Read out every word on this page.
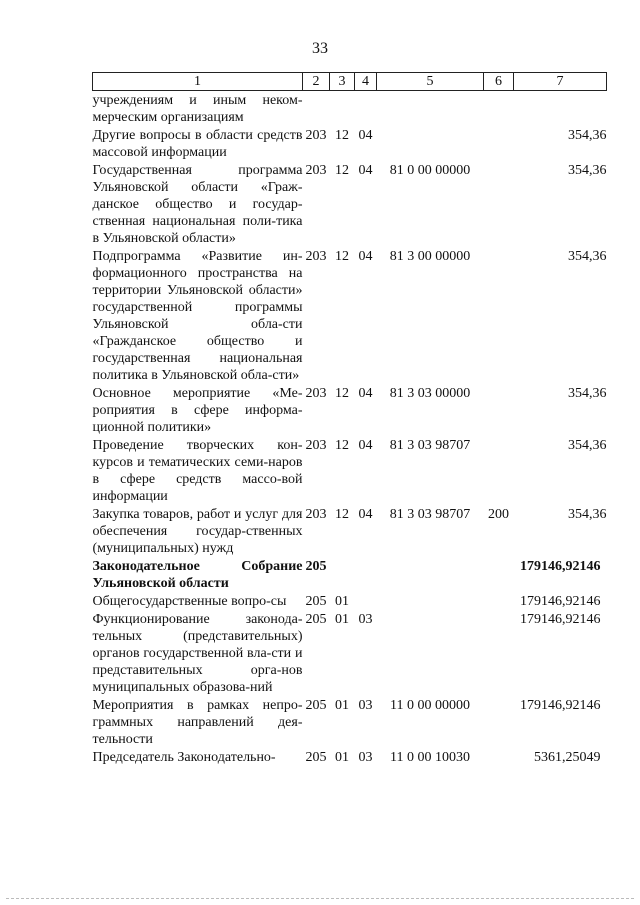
33
1	2	3	4	5	6	7
учреждениям и иным неком-мерческим организациям						
Другие вопросы в области средств массовой информации	203	12	04			354,36
Государственная программа Ульяновской области «Граж-данское общество и государ-ственная национальная поли-тика в Ульяновской области»	203	12	04	81 0 00 00000		354,36
Подпрограмма «Развитие ин-формационного пространства на территории Ульяновской области» государственной программы Ульяновской обла-сти «Гражданское общество и государственная национальная политика в Ульяновской обла-сти»	203	12	04	81 3 00 00000		354,36
Основное мероприятие «Ме-роприятия в сфере информа-ционной политики»	203	12	04	81 3 03 00000		354,36
Проведение творческих кон-курсов и тематических семи-наров в сфере средств массо-вой информации	203	12	04	81 3 03 98707		354,36
Закупка товаров, работ и услуг для обеспечения государ-ственных (муниципальных) нужд	203	12	04	81 3 03 98707	200	354,36
Законодательное Собрание Ульяновской области	205					179146,92146
Общегосударственные вопро-сы	205	01				179146,92146
Функционирование законода-тельных (представительных) органов государственной вла-сти и представительных орга-нов муниципальных образова-ний	205	01	03			179146,92146
Мероприятия в рамках непро-граммных направлений дея-тельности	205	01	03	11 0 00 00000		179146,92146
Председатель Законодательно-	205	01	03	11 0 00 10030		5361,25049
